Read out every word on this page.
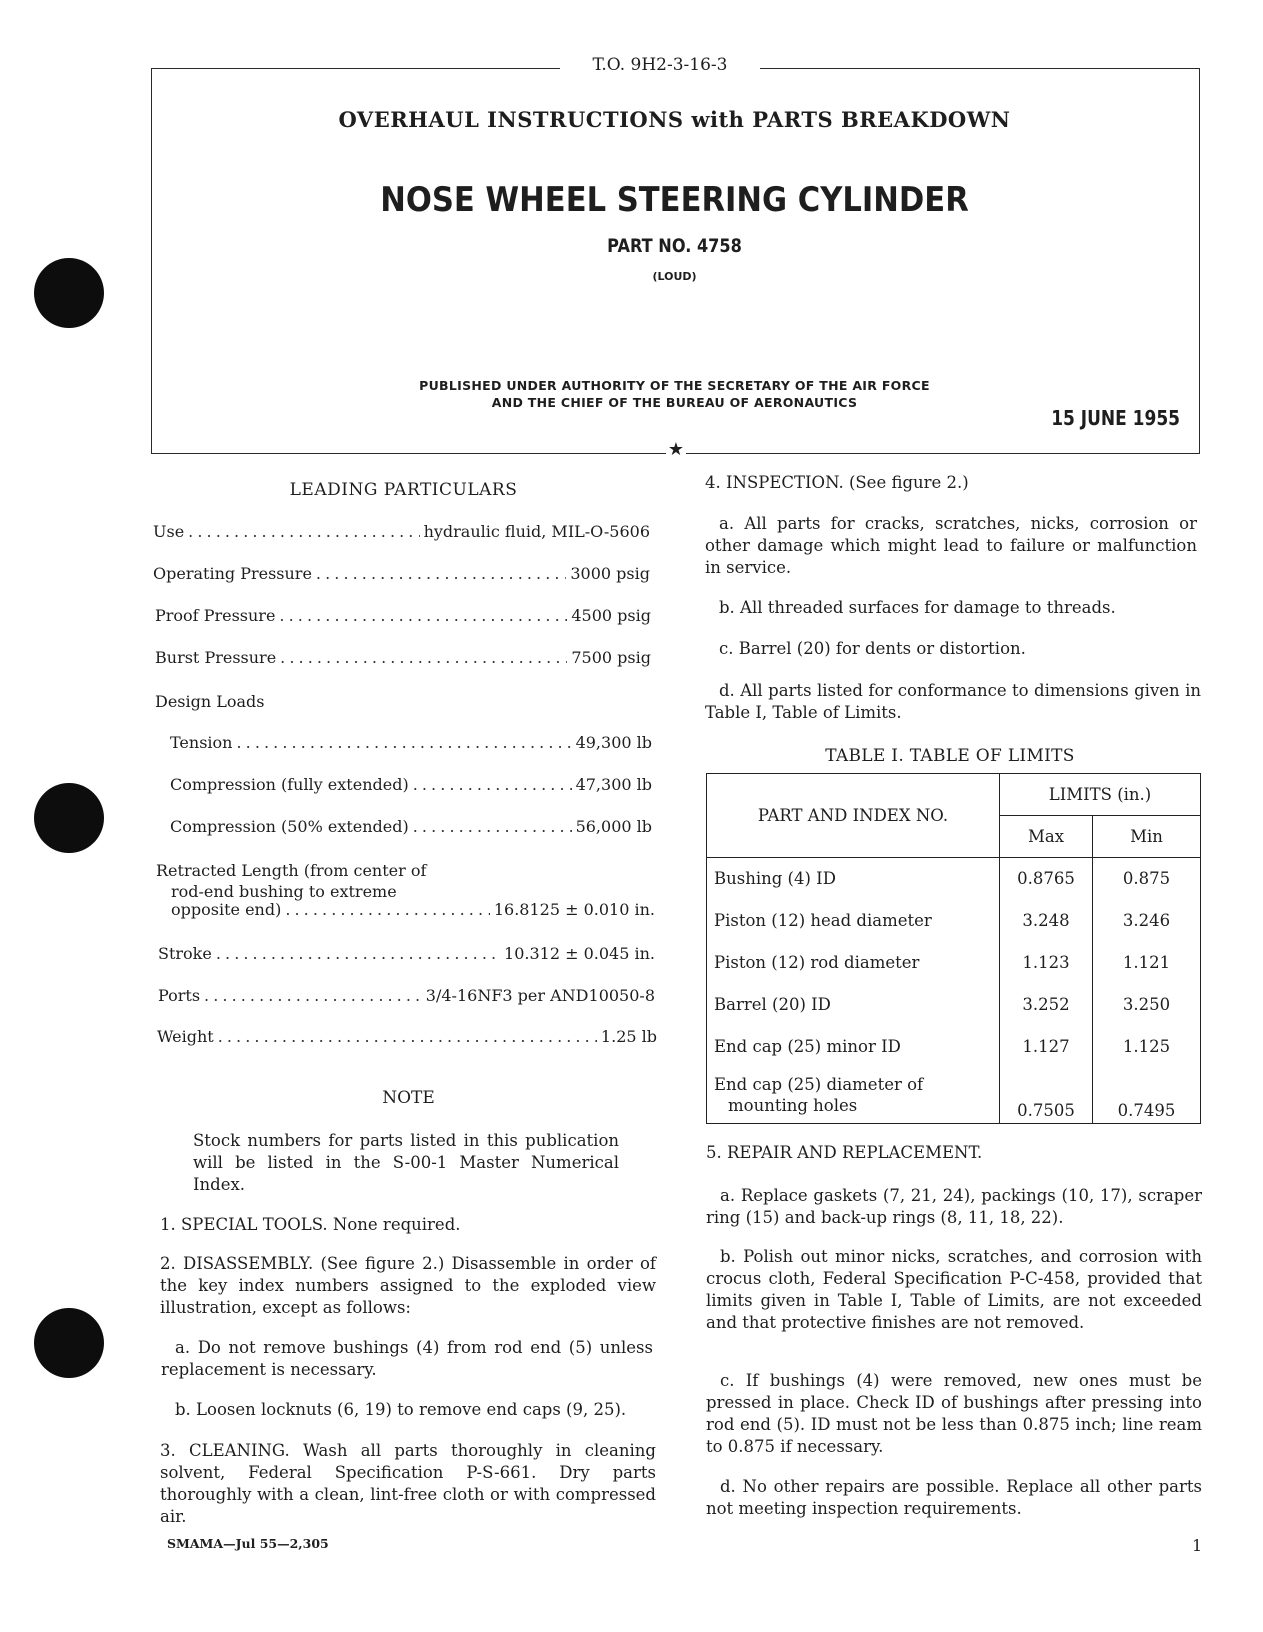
T.O. 9H2-3-16-3
OVERHAUL INSTRUCTIONS with PARTS BREAKDOWN
NOSE WHEEL STEERING CYLINDER
PART NO. 4758
(LOUD)
PUBLISHED UNDER AUTHORITY OF THE SECRETARY OF THE AIR FORCE
AND THE CHIEF OF THE BUREAU OF AERONAUTICS
15 JUNE 1955
★
LEADING PARTICULARS
Use . . .	hydraulic fluid, MIL-O-5606
Operating Pressure . . .	3000 psig
Proof Pressure . . .	4500 psig
Burst Pressure . . .	7500 psig
Design Loads
Tension . . .	49,300 lb
Compression (fully extended) . . .	47,300 lb
Compression (50% extended) . . .	56,000 lb
Retracted Length (from center of
rod-end bushing to extreme
opposite end) . . .	16.8125 ± 0.010 in.
Stroke . . .	10.312 ± 0.045 in.
Ports . . .	3/4-16NF3 per AND10050-8
Weight . . .	1.25 lb
NOTE
Stock numbers for parts listed in this publication will be listed in the S-00-1 Master Numerical Index.
1. SPECIAL TOOLS. None required.
2. DISASSEMBLY. (See figure 2.) Disassemble in order of the key index numbers assigned to the exploded view illustration, except as follows:
a. Do not remove bushings (4) from rod end (5) unless replacement is necessary.
b. Loosen locknuts (6, 19) to remove end caps (9, 25).
3. CLEANING. Wash all parts thoroughly in cleaning solvent, Federal Specification P-S-661. Dry parts thoroughly with a clean, lint-free cloth or with compressed air.
4. INSPECTION. (See figure 2.)
a. All parts for cracks, scratches, nicks, corrosion or other damage which might lead to failure or malfunction in service.
b. All threaded surfaces for damage to threads.
c. Barrel (20) for dents or distortion.
d. All parts listed for conformance to dimensions given in Table I, Table of Limits.
TABLE I. TABLE OF LIMITS
PART AND INDEX NO.	LIMITS (in.)	
	Max	Min
Bushing (4) ID	0.8765	0.875
Piston (12) head diameter	3.248	3.246
Piston (12) rod diameter	1.123	1.121
Barrel (20) ID	3.252	3.250
End cap (25) minor ID	1.127	1.125

End cap (25) diameter of
mounting holes	0.7505	0.7495
5. REPAIR AND REPLACEMENT.
a. Replace gaskets (7, 21, 24), packings (10, 17), scraper ring (15) and back-up rings (8, 11, 18, 22).
b. Polish out minor nicks, scratches, and corrosion with crocus cloth, Federal Specification P-C-458, provided that limits given in Table I, Table of Limits, are not exceeded and that protective finishes are not removed.
c. If bushings (4) were removed, new ones must be pressed in place. Check ID of bushings after pressing into rod end (5). ID must not be less than 0.875 inch; line ream to 0.875 if necessary.
d. No other repairs are possible. Replace all other parts not meeting inspection requirements.
SMAMA—Jul 55—2,305	1
